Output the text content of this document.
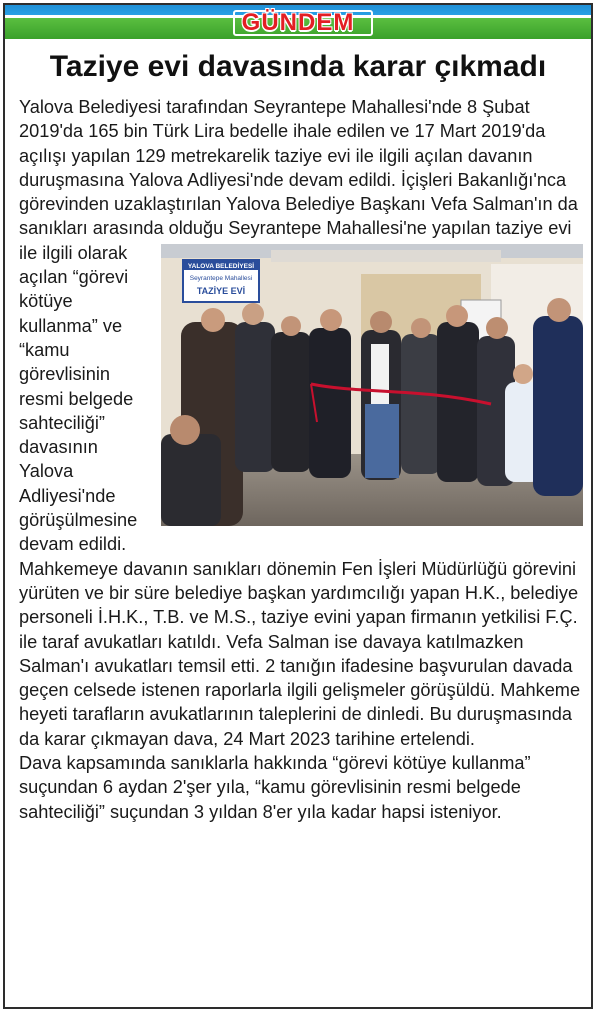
GÜNDEM
Taziye evi davasında karar çıkmadı

Yalova Belediyesi tarafından Seyrantepe Mahallesi'nde 8 Şubat 2019'da 165 bin Türk Lira bedelle ihale edilen ve 17 Mart 2019'da açılışı yapılan 129 metrekarelik taziye evi ile ilgili açılan davanın duruşmasına Yalova Adliyesi'nde devam edildi. İçişleri Bakanlığı'nca görevinden uzaklaştırılan Yalova Belediye Başkanı Vefa Salman'ın da sanıkları arasında
YALOVA BELEDİYESİ
Seyrantepe Mahallesi
TAZİYE EVİ
olduğu Seyrantepe Mahallesi'ne yapılan taziye evi ile ilgili olarak açılan “görevi kötüye kullanma” ve “kamu görevlisinin resmi belgede sahteciliği” davasının Yalova Adliyesi'nde görüşülmesine devam edildi. Mahkemeye davanın sanıkları dönemin Fen İşleri Müdürlüğü görevini yürüten ve bir süre belediye başkan yardımcılığı yapan H.K., belediye personeli İ.H.K., T.B. ve M.S., taziye evini yapan firmanın yetkilisi F.Ç. ile taraf avukatları katıldı. Vefa Salman ise davaya katılmazken Salman'ı avukatları temsil etti. 2 tanığın ifadesine başvurulan davada geçen celsede istenen raporlarla ilgili gelişmeler görüşüldü. Mahkeme heyeti tarafların avukatlarının taleplerini de dinledi. Bu duruşmasında da karar çıkmayan dava, 24 Mart 2023 tarihine ertelendi.

Dava kapsamında sanıklarla hakkında “görevi kötüye kullanma” suçundan 6 aydan 2'şer yıla, “kamu görevlisinin resmi belgede sahteciliği” suçundan 3 yıldan 8'er yıla kadar hapsi isteniyor.
